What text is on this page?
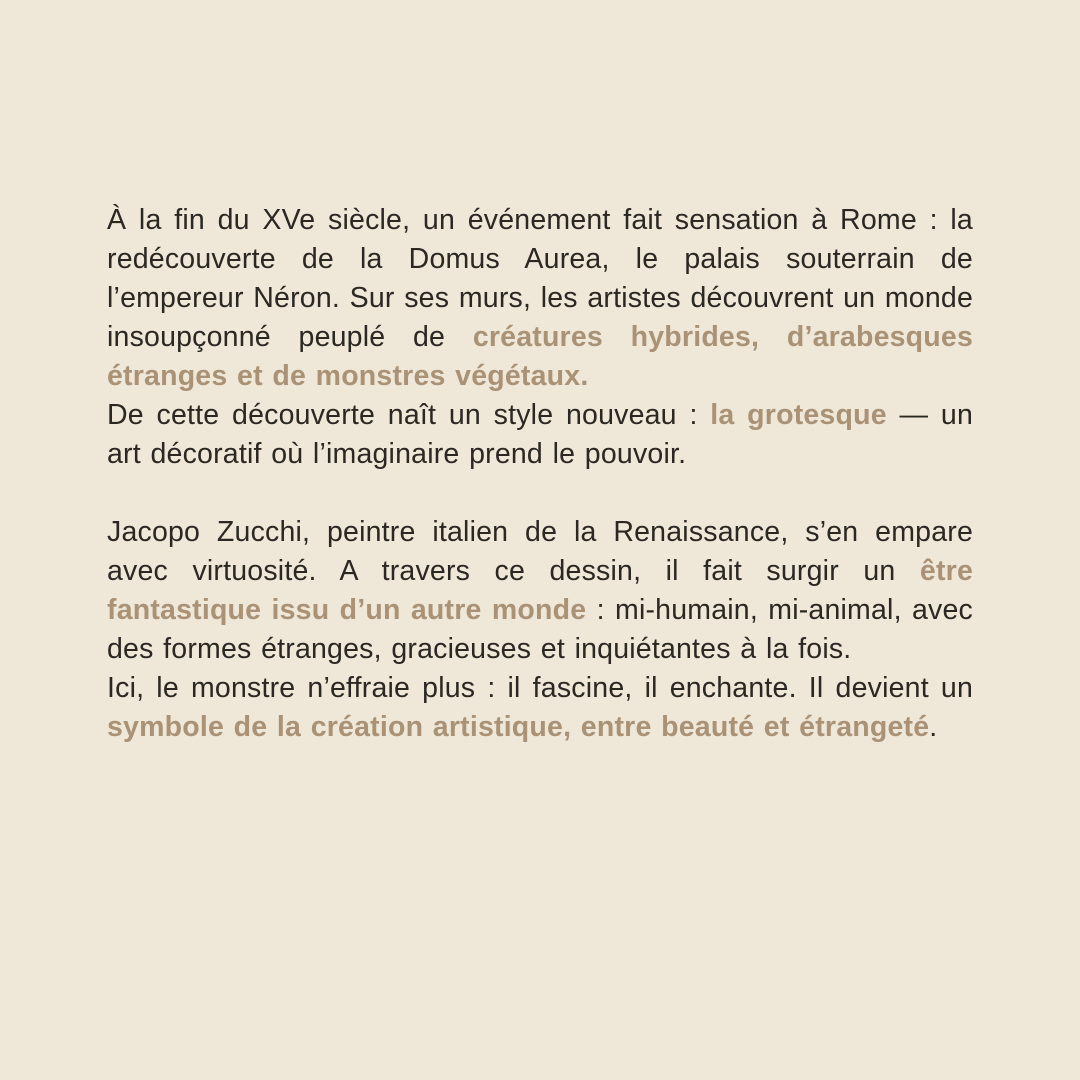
À la fin du XVe siècle, un événement fait sensation à Rome : la redécouverte de la Domus Aurea, le palais souterrain de l’empereur Néron. Sur ses murs, les artistes découvrent un monde insoupçonné peuplé de créatures hybrides, d’arabesques étranges et de monstres végétaux.

De cette découverte naît un style nouveau : la grotesque — un art décoratif où l’imaginaire prend le pouvoir.

Jacopo Zucchi, peintre italien de la Renaissance, s’en empare avec virtuosité. A travers ce dessin, il fait surgir un être fantastique issu d’un autre monde : mi-humain, mi-animal, avec des formes étranges, gracieuses et inquiétantes à la fois.

Ici, le monstre n’effraie plus : il fascine, il enchante. Il devient un symbole de la création artistique, entre beauté et étrangeté.
